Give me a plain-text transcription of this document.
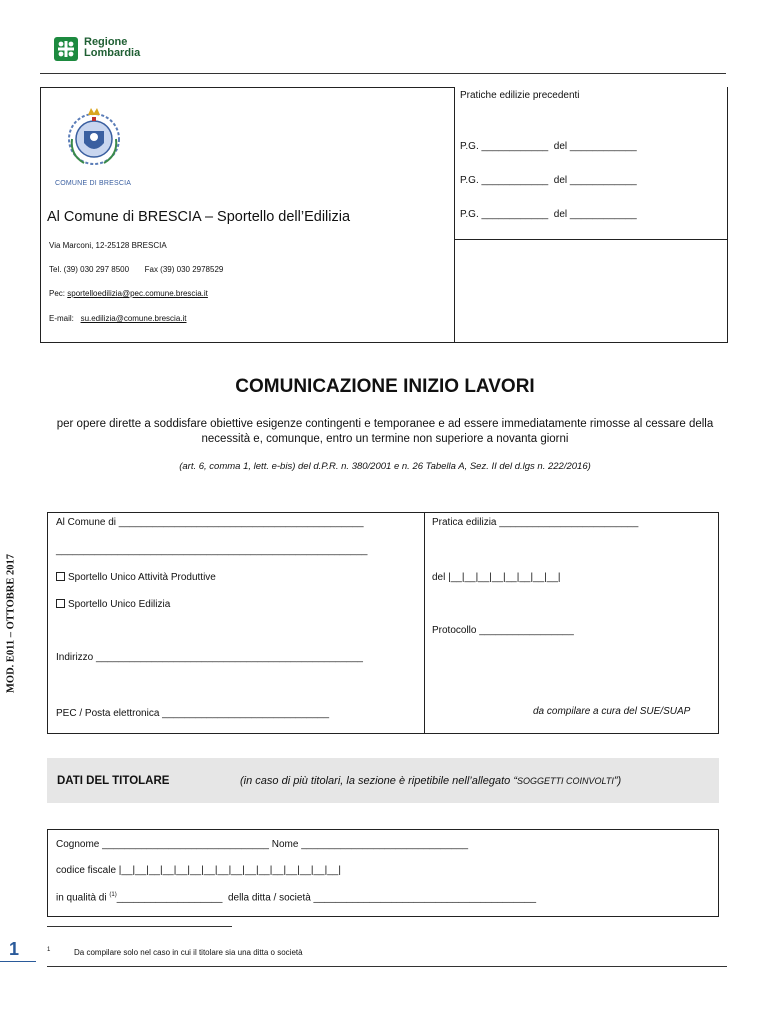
Regione
Lombardia
Pratiche edilizie precedenti
P.G. ____________ del ____________
P.G. ____________ del ____________
P.G. ____________ del ____________
COMUNE DI BRESCIA
Al Comune di BRESCIA – Sportello dell’Edilizia
Via Marconi, 12-25128 BRESCIA
Tel. (39) 030 297 8500 Fax (39) 030 2978529
Pec: sportelloedilizia@pec.comune.brescia.it
E-mail: su.edilizia@comune.brescia.it
COMUNICAZIONE INIZIO LAVORI
per opere dirette a soddisfare obiettive esigenze contingenti e temporanee e ad essere immediatamente rimosse al cessare della necessità e, comunque, entro un termine non superiore a novanta giorni
(art. 6, comma 1, lett. e-bis) del d.P.R. n. 380/2001 e n. 26 Tabella A, Sez. II del d.lgs n. 222/2016)
MOD. E011 – OTTOBRE 2017
Al Comune di ____________________________________________
________________________________________________________
Sportello Unico Attività Produttive
Sportello Unico Edilizia
Indirizzo ________________________________________________
PEC / Posta elettronica ______________________________
Pratica edilizia _________________________
del |__|__|__|__|__|__|__|__|
Protocollo _________________
da compilare a cura del SUE/SUAP
DATI DEL TITOLARE	(in caso di più titolari, la sezione è ripetibile nell’allegato “SOGGETTI COINVOLTI”)
Cognome ______________________________ Nome ______________________________
codice fiscale |__|__|__|__|__|__|__|__|__|__|__|__|__|__|__|__|
in qualità di $^{(1)}$___________________ della ditta / società ________________________________________
1	1	Da compilare solo nel caso in cui il titolare sia una ditta o società
